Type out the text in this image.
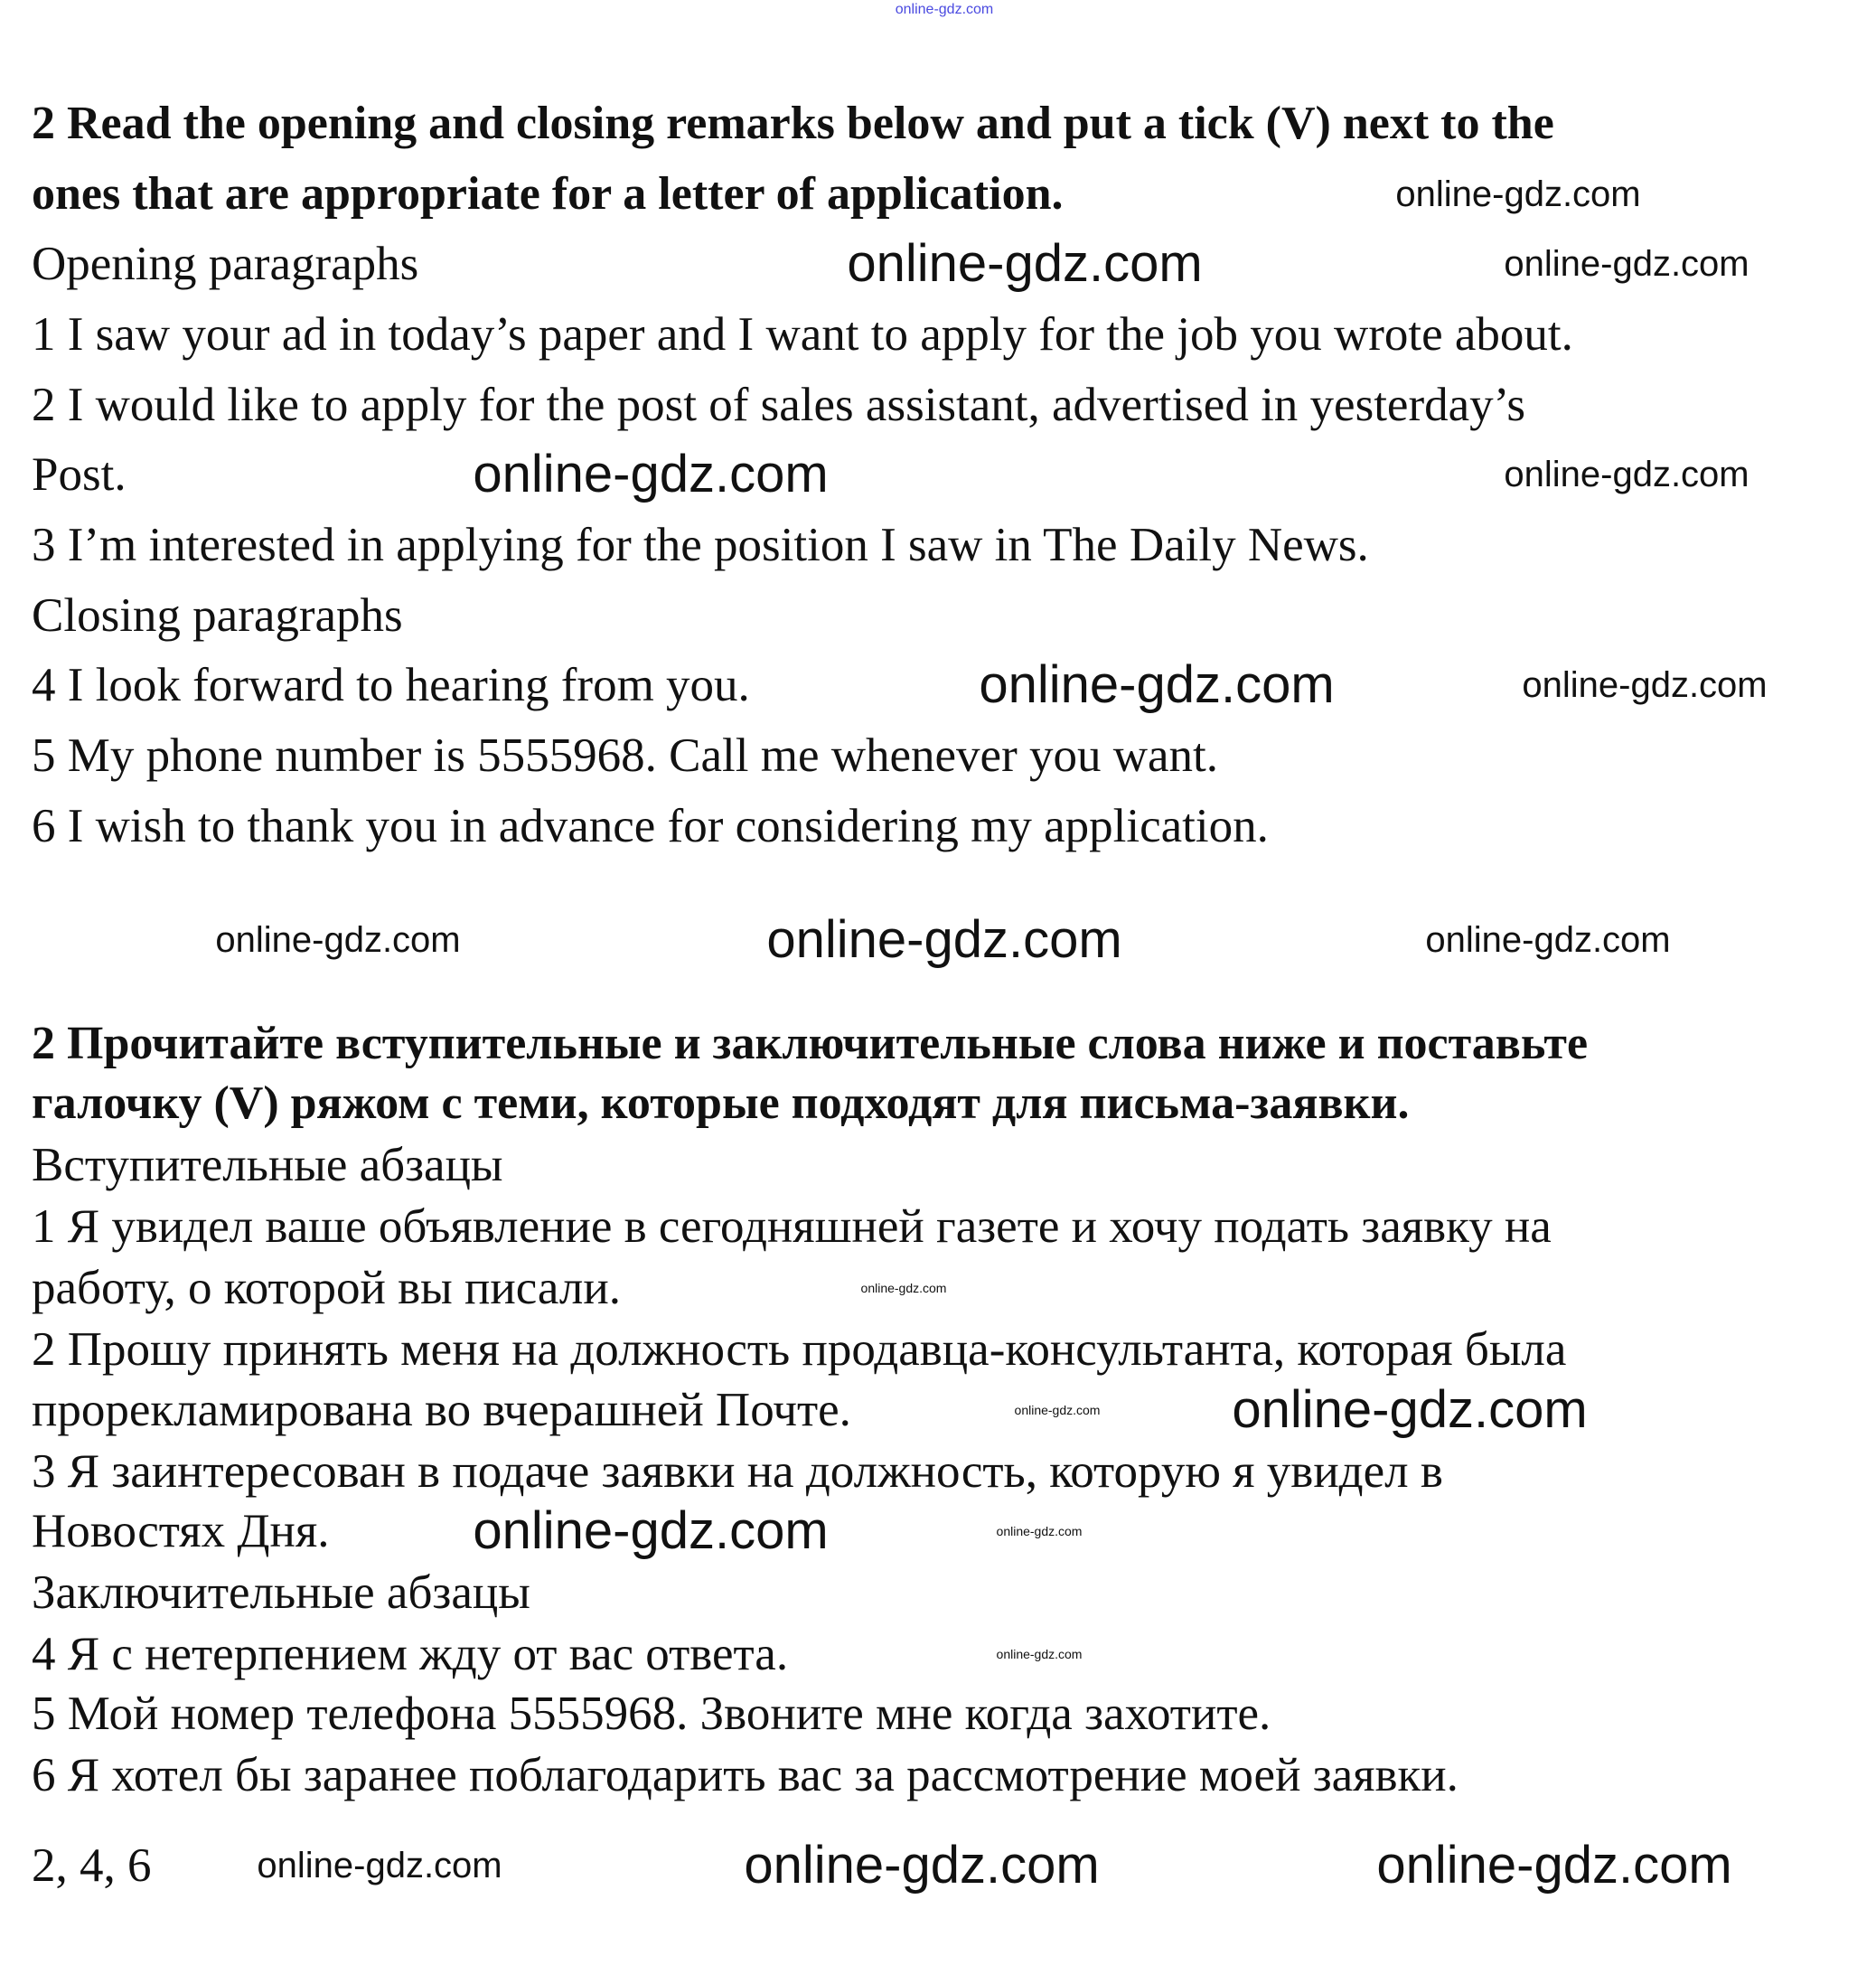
online-gdz.com
2 Read the opening and closing remarks below and put a tick (V) next to the
ones that are appropriate for a letter of application.
Opening paragraphs
1 I saw your ad in today’s paper and I want to apply for the job you wrote about.
2 I would like to apply for the post of sales assistant, advertised in yesterday’s
Post.
3 I’m interested in applying for the position I saw in The Daily News.
Closing paragraphs
4 I look forward to hearing from you.
5 My phone number is 5555968. Call me whenever you want.
6 I wish to thank you in advance for considering my application.
2 Прочитайте вступительные и заключительные слова ниже и поставьте
галочку (V) ряжом с теми, которые подходят для письма-заявки.
Вступительные абзацы
1 Я увидел ваше объявление в сегодняшней газете и хочу подать заявку на
работу, о которой вы писали.
2 Прошу принять меня на должность продавца-консультанта, которая была
прорекламирована во вчерашней Почте.
3 Я заинтересован в подаче заявки на должность, которую я увидел в
Новостях Дня.
Заключительные абзацы
4 Я с нетерпением жду от вас ответа.
5 Мой номер телефона 5555968. Звоните мне когда захотите.
6 Я хотел бы заранее поблагодарить вас за рассмотрение моей заявки.
2, 4, 6
online-gdz.com
online-gdz.com
online-gdz.com
online-gdz.com
online-gdz.com
online-gdz.com
online-gdz.com
online-gdz.com	online-gdz.com	online-gdz.com
online-gdz.com
online-gdz.com
online-gdz.com
online-gdz.com
online-gdz.com
online-gdz.com
online-gdz.com
online-gdz.com	online-gdz.com
